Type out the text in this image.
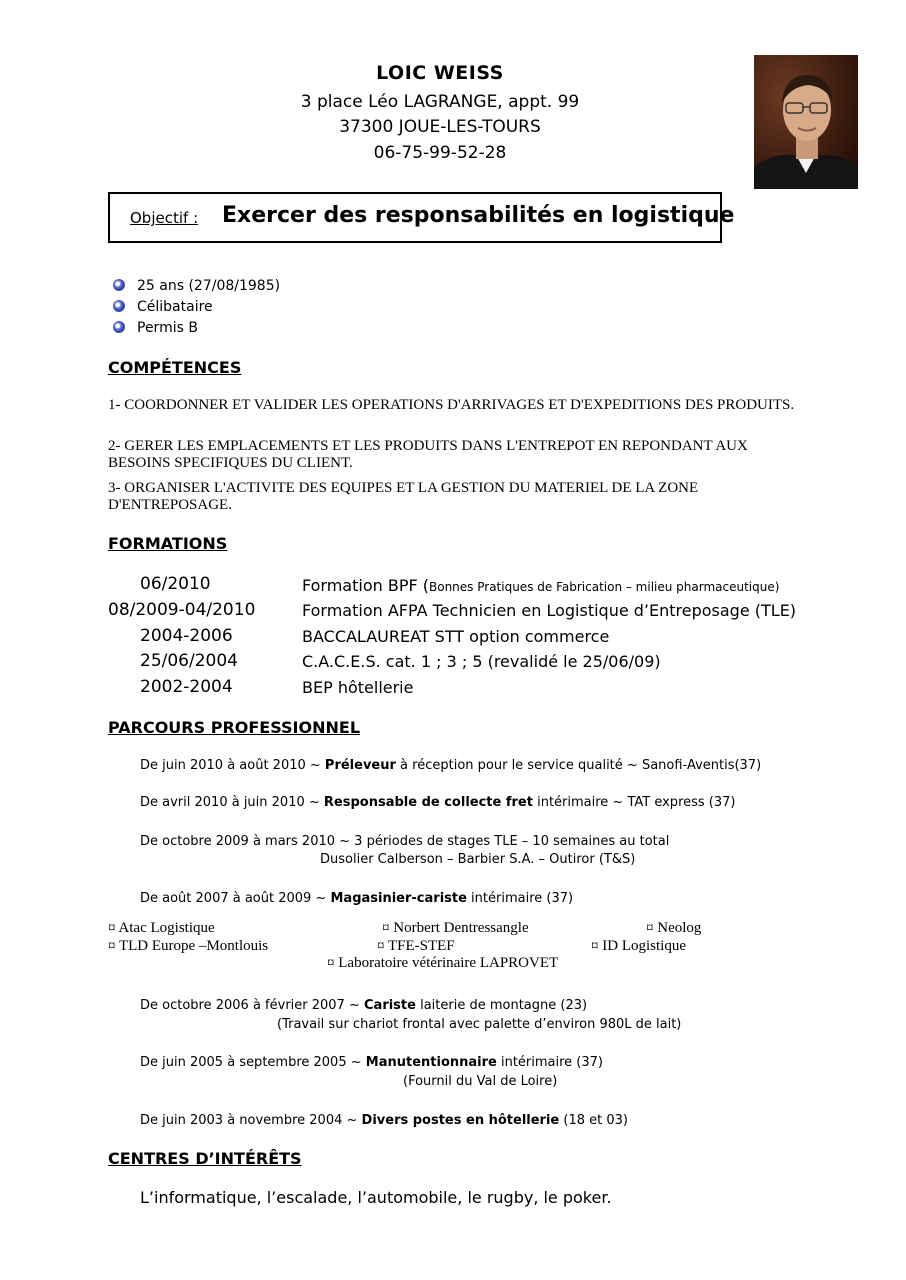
LOIC WEISS
3 place Léo LAGRANGE, appt. 99
37300 JOUE-LES-TOURS
06-75-99-52-28
Objectif : Exercer des responsabilités en logistique
25 ans (27/08/1985)
Célibataire
Permis B
COMPÉTENCES
1- COORDONNER ET VALIDER LES OPERATIONS D'ARRIVAGES ET D'EXPEDITIONS DES PRODUITS.
2- GERER LES EMPLACEMENTS ET LES PRODUITS DANS L'ENTREPOT EN REPONDANT AUX BESOINS SPECIFIQUES DU CLIENT.
3- ORGANISER L'ACTIVITE DES EQUIPES ET LA GESTION DU MATERIEL DE LA ZONE D'ENTREPOSAGE.
FORMATIONS
06/2010	Formation BPF (Bonnes Pratiques de Fabrication – milieu pharmaceutique)
08/2009-04/2010	Formation AFPA Technicien en Logistique d’Entreposage (TLE)
2004-2006	BACCALAUREAT STT option commerce
25/06/2004	C.A.C.E.S. cat. 1 ; 3 ; 5 (revalidé le 25/06/09)
2002-2004	BEP hôtellerie
PARCOURS PROFESSIONNEL
De juin 2010 à août 2010 ~ Préleveur à réception pour le service qualité ~ Sanofi-Aventis(37)
De avril 2010 à juin 2010 ~ Responsable de collecte fret intérimaire ~ TAT express (37)
De octobre 2009 à mars 2010 ~ 3 périodes de stages TLE – 10 semaines au total
Dusolier Calberson – Barbier S.A. – Outiror (T&S)
De août 2007 à août 2009 ~ Magasinier-cariste intérimaire (37)
¤ Atac Logistique	¤ Norbert Dentressangle	¤ Neolog
¤ TLD Europe –Montlouis	¤ TFE-STEF	¤ ID Logistique
¤ Laboratoire vétérinaire LAPROVET
De octobre 2006 à février 2007 ~ Cariste laiterie de montagne (23)
(Travail sur chariot frontal avec palette d’environ 980L de lait)
De juin 2005 à septembre 2005 ~ Manutentionnaire intérimaire (37)
(Fournil du Val de Loire)
De juin 2003 à novembre 2004 ~ Divers postes en hôtellerie (18 et 03)
CENTRES D’INTÉRÊTS
L’informatique, l’escalade, l’automobile, le rugby, le poker.
